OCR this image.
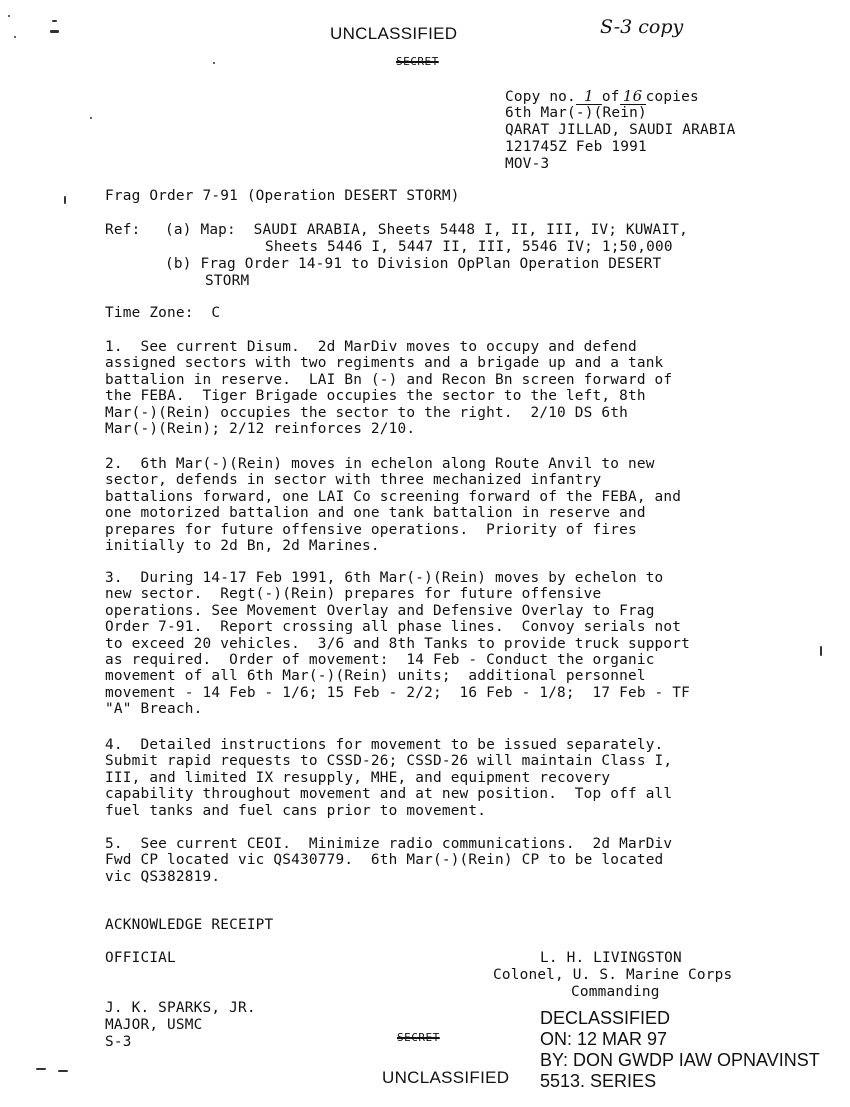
UNCLASSIFIED	S-3 copy
SECRET
Copy no. 1 of 16 copies
6th Mar(-)(Rein)
QARAT JILLAD, SAUDI ARABIA
121745Z Feb 1991
MOV-3
Frag Order 7-91 (Operation DESERT STORM)
Ref: (a) Map:  SAUDI ARABIA, Sheets 5448 I, II, III, IV; KUWAIT,
Sheets 5446 I, 5447 II, III, 5546 IV; 1;50,000
(b) Frag Order 14-91 to Division OpPlan Operation DESERT
STORM
Time Zone:  C
1.  See current Disum.  2d MarDiv moves to occupy and defend
assigned sectors with two regiments and a brigade up and a tank
battalion in reserve.  LAI Bn (-) and Recon Bn screen forward of
the FEBA.  Tiger Brigade occupies the sector to the left, 8th
Mar(-)(Rein) occupies the sector to the right.  2/10 DS 6th
Mar(-)(Rein); 2/12 reinforces 2/10.
2.  6th Mar(-)(Rein) moves in echelon along Route Anvil to new
sector, defends in sector with three mechanized infantry
battalions forward, one LAI Co screening forward of the FEBA, and
one motorized battalion and one tank battalion in reserve and
prepares for future offensive operations.  Priority of fires
initially to 2d Bn, 2d Marines.
3.  During 14-17 Feb 1991, 6th Mar(-)(Rein) moves by echelon to
new sector.  Regt(-)(Rein) prepares for future offensive
operations. See Movement Overlay and Defensive Overlay to Frag
Order 7-91.  Report crossing all phase lines.  Convoy serials not
to exceed 20 vehicles.  3/6 and 8th Tanks to provide truck support
as required.  Order of movement:  14 Feb - Conduct the organic
movement of all 6th Mar(-)(Rein) units;  additional personnel
movement - 14 Feb - 1/6; 15 Feb - 2/2;  16 Feb - 1/8;  17 Feb - TF
"A" Breach.
4.  Detailed instructions for movement to be issued separately.
Submit rapid requests to CSSD-26; CSSD-26 will maintain Class I,
III, and limited IX resupply, MHE, and equipment recovery
capability throughout movement and at new position.  Top off all
fuel tanks and fuel cans prior to movement.
5.  See current CEOI.  Minimize radio communications.  2d MarDiv
Fwd CP located vic QS430779.  6th Mar(-)(Rein) CP to be located
vic QS382819.
ACKNOWLEDGE RECEIPT
OFFICIAL	L. H. LIVINGSTON
Colonel, U. S. Marine Corps
Commanding
J. K. SPARKS, JR.
MAJOR, USMC
S-3	SECRET
UNCLASSIFIED
DECLASSIFIED
ON: 12 MAR 97
BY: DON GWDP IAW OPNAVINST
5513. SERIES
